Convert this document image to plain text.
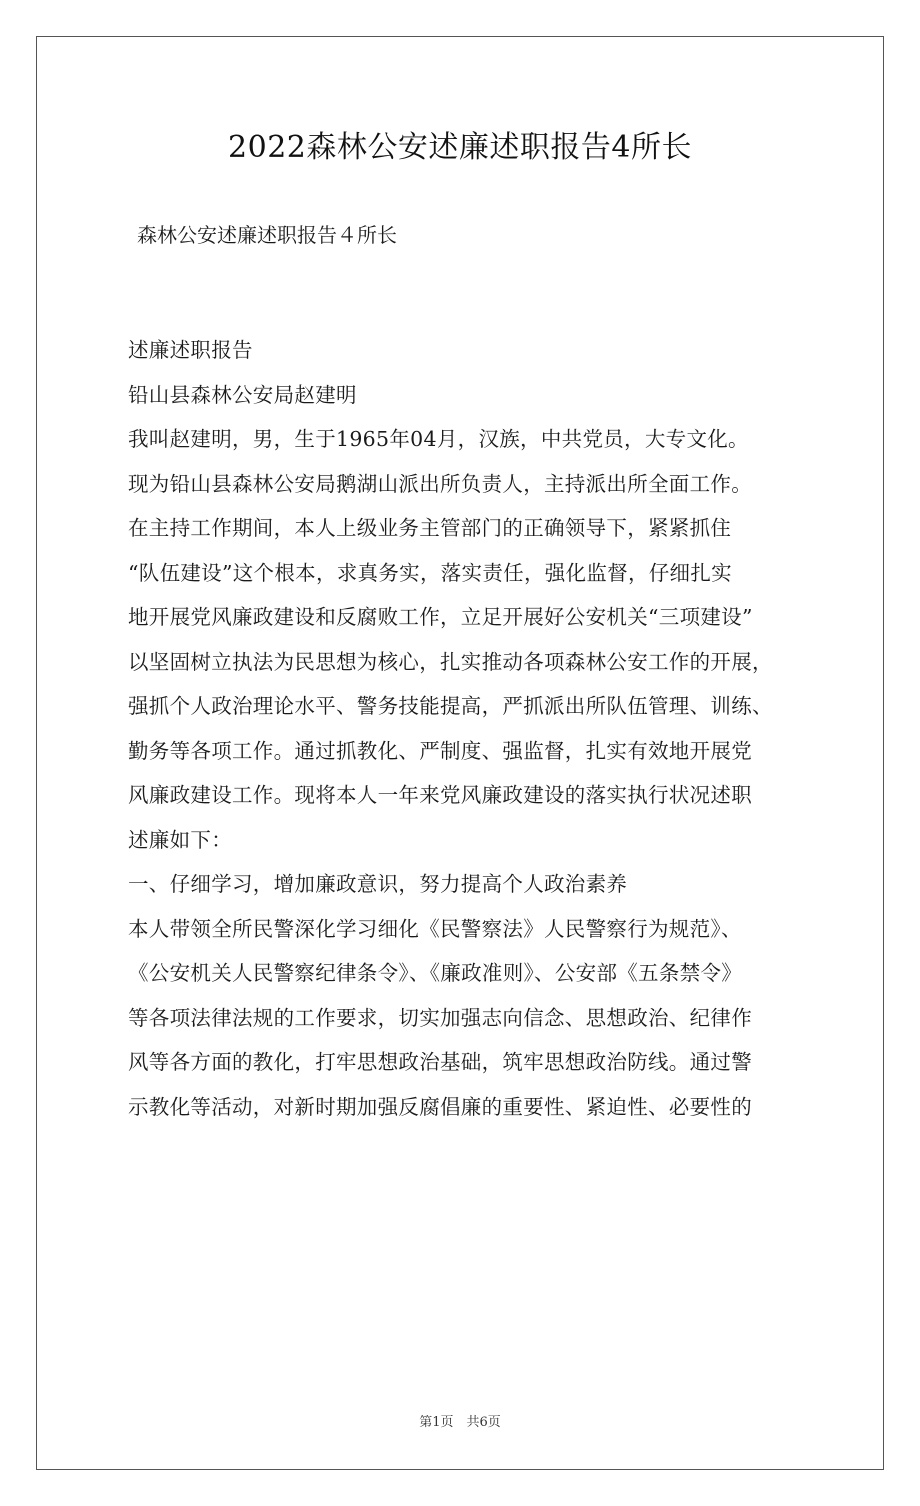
2022森林公安述廉述职报告4所长
森林公安述廉述职报告４所长
述廉述职报告
铅山县森林公安局赵建明
我叫赵建明，男，生于1965年04月，汉族，中共党员，大专文化。
现为铅山县森林公安局鹅湖山派出所负责人，主持派出所全面工作。
在主持工作期间，本人上级业务主管部门的正确领导下，紧紧抓住
“队伍建设”这个根本，求真务实，落实责任，强化监督，仔细扎实
地开展党风廉政建设和反腐败工作，立足开展好公安机关“三项建设”
以坚固树立执法为民思想为核心，扎实推动各项森林公安工作的开展，
强抓个人政治理论水平、警务技能提高，严抓派出所队伍管理、训练、
勤务等各项工作。通过抓教化、严制度、强监督，扎实有效地开展党
风廉政建设工作。现将本人一年来党风廉政建设的落实执行状况述职
述廉如下：
一、仔细学习，增加廉政意识，努力提高个人政治素养
本人带领全所民警深化学习细化《民警察法》人民警察行为规范》、
《公安机关人民警察纪律条令》、《廉政准则》、公安部《五条禁令》
等各项法律法规的工作要求，切实加强志向信念、思想政治、纪律作
风等各方面的教化，打牢思想政治基础，筑牢思想政治防线。通过警
示教化等活动，对新时期加强反腐倡廉的重要性、紧迫性、必要性的
第1页　共6页
